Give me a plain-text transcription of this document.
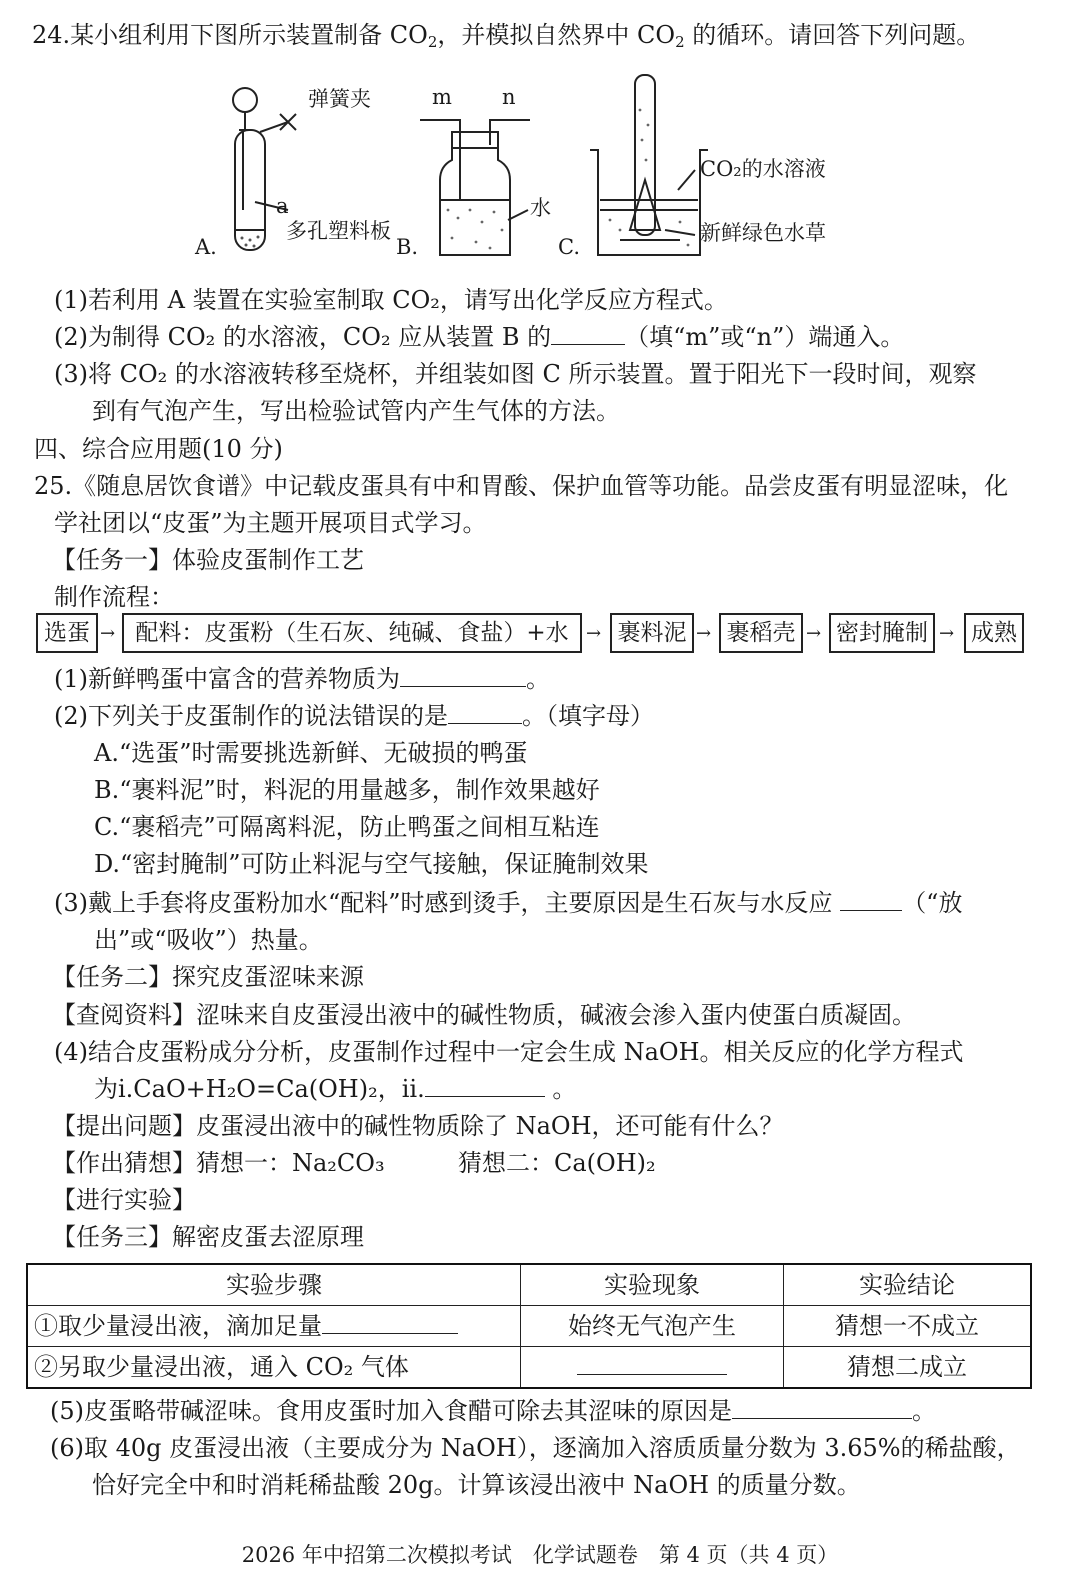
24.某小组利用下图所示装置制备 $CO_2$，并模拟自然界中 $CO_2$ 的循环。请回答下列问题。
弹簧夹
a
多孔塑料板
A.
m n
水
B.
CO₂的水溶液
新鲜绿色水草
C.
(1)若利用 A 装置在实验室制取 CO₂，请写出化学反应方程式。
(2)为制得 CO₂ 的水溶液，CO₂ 应从装置 B 的	（填“m”或“n”）端通入。
(3)将 CO₂ 的水溶液转移至烧杯，并组装如图 C 所示装置。置于阳光下一段时间，观察
到有气泡产生，写出检验试管内产生气体的方法。
四、综合应用题(10 分)
25.《随息居饮食谱》中记载皮蛋具有中和胃酸、保护血管等功能。品尝皮蛋有明显涩味，化
学社团以“皮蛋”为主题开展项目式学习。
【任务一】体验皮蛋制作工艺
制作流程：
选蛋 → 配料：皮蛋粉（生石灰、纯碱、食盐）+水 → 裹料泥 → 裹稻壳 → 密封腌制 → 成熟
(1)新鲜鸭蛋中富含的营养物质为	。
(2)下列关于皮蛋制作的说法错误的是	。（填字母）
A.“选蛋”时需要挑选新鲜、无破损的鸭蛋
B.“裹料泥”时，料泥的用量越多，制作效果越好
C.“裹稻壳”可隔离料泥，防止鸭蛋之间相互粘连
D.“密封腌制”可防止料泥与空气接触，保证腌制效果
(3)戴上手套将皮蛋粉加水“配料”时感到烫手，主要原因是生石灰与水反应	（“放
出”或“吸收”）热量。
【任务二】探究皮蛋涩味来源
【查阅资料】涩味来自皮蛋浸出液中的碱性物质，碱液会渗入蛋内使蛋白质凝固。
(4)结合皮蛋粉成分分析，皮蛋制作过程中一定会生成 NaOH。相关反应的化学方程式
为ⅰ.CaO+H₂O=Ca(OH)₂，ⅱ.	。
【提出问题】皮蛋浸出液中的碱性物质除了 NaOH，还可能有什么？
【作出猜想】猜想一：Na₂CO₃	猜想二：Ca(OH)₂
【进行实验】
【任务三】解密皮蛋去涩原理
实验步骤	实验现象	实验结论
①取少量浸出液，滴加足量	始终无气泡产生	猜想一不成立
②另取少量浸出液，通入 CO₂ 气体		猜想二成立
(5)皮蛋略带碱涩味。食用皮蛋时加入食醋可除去其涩味的原因是	。
(6)取 40g 皮蛋浸出液（主要成分为 NaOH），逐滴加入溶质质量分数为 3.65%的稀盐酸，
恰好完全中和时消耗稀盐酸 20g。计算该浸出液中 NaOH 的质量分数。
2026 年中招第二次模拟考试　化学试题卷　第 4 页（共 4 页）
